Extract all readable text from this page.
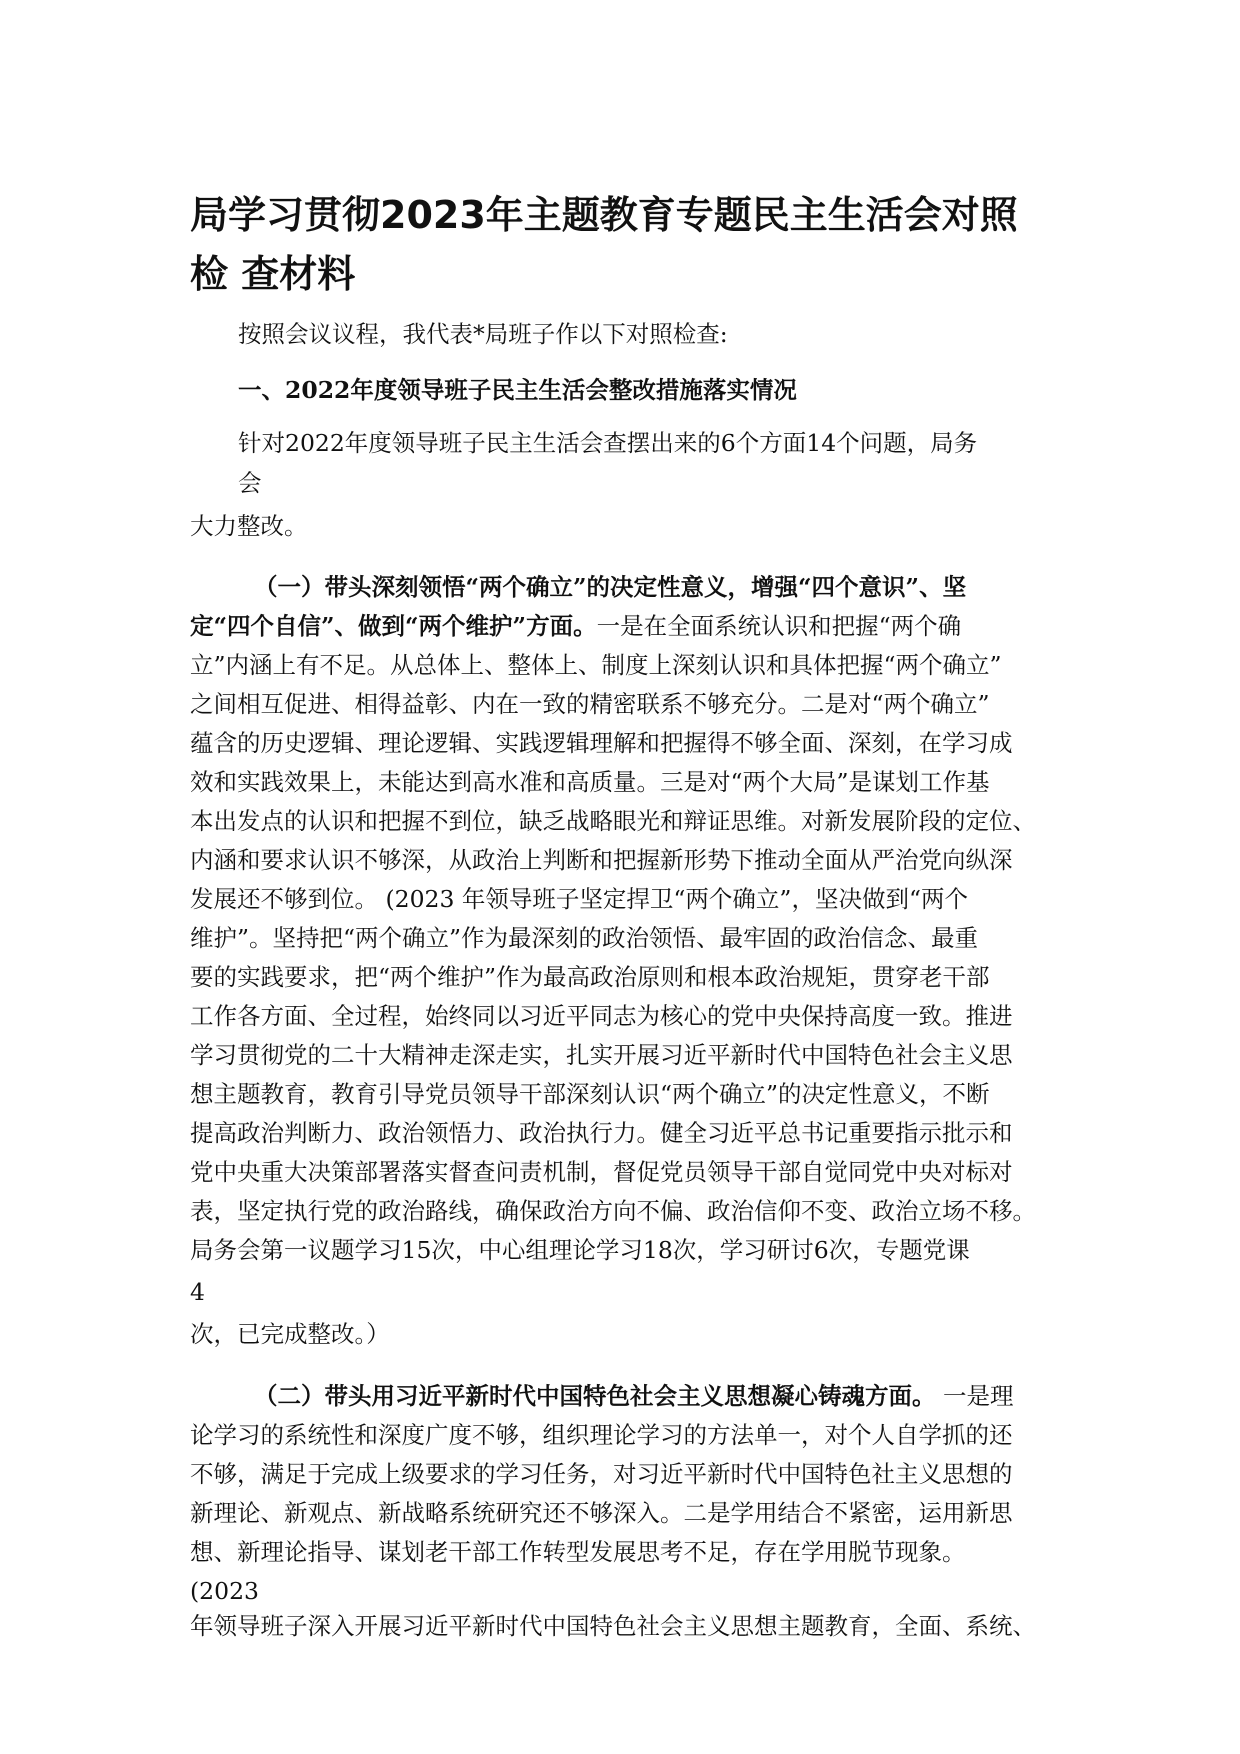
局学习贯彻2023年主题教育专题民主生活会对照
检 查材料

按照会议议程，我代表*局班子作以下对照检查:

一、2022年度领导班子民主生活会整改措施落实情况

针对2022年度领导班子民主生活会查摆出来的6个方面14个问题，局务

会

大力整改。

（一）带头深刻领悟“两个确立”的决定性意义，增强“四个意识”、坚

定“四个自信”、做到“两个维护”方面。一是在全面系统认识和把握“两个确

立”内涵上有不足。从总体上、整体上、制度上深刻认识和具体把握“两个确立”

之间相互促进、相得益彰、内在一致的精密联系不够充分。二是对“两个确立”

蕴含的历史逻辑、理论逻辑、实践逻辑理解和把握得不够全面、深刻，在学习成

效和实践效果上，未能达到高水准和高质量。三是对“两个大局”是谋划工作基

本出发点的认识和把握不到位，缺乏战略眼光和辩证思维。对新发展阶段的定位、

内涵和要求认识不够深，从政治上判断和把握新形势下推动全面从严治党向纵深

发展还不够到位。 (2023 年领导班子坚定捍卫“两个确立”，坚决做到“两个

维护”。坚持把“两个确立”作为最深刻的政治领悟、最牢固的政治信念、最重

要的实践要求，把“两个维护”作为最高政治原则和根本政治规矩，贯穿老干部

工作各方面、全过程，始终同以习近平同志为核心的党中央保持高度一致。推进

学习贯彻党的二十大精神走深走实，扎实开展习近平新时代中国特色社会主义思

想主题教育，教育引导党员领导干部深刻认识“两个确立”的决定性意义，不断

提高政治判断力、政治领悟力、政治执行力。健全习近平总书记重要指示批示和

党中央重大决策部署落实督查问责机制，督促党员领导干部自觉同党中央对标对

表，坚定执行党的政治路线，确保政治方向不偏、政治信仰不变、政治立场不移。

局务会第一议题学习15次，中心组理论学习18次，学习研讨6次，专题党课

4

次，已完成整改。）

（二）带头用习近平新时代中国特色社会主义思想凝心铸魂方面。 一是理

论学习的系统性和深度广度不够，组织理论学习的方法单一，对个人自学抓的还

不够，满足于完成上级要求的学习任务，对习近平新时代中国特色社主义思想的

新理论、新观点、新战略系统研究还不够深入。二是学用结合不紧密，运用新思

想、新理论指导、谋划老干部工作转型发展思考不足，存在学用脱节现象。

(2023

年领导班子深入开展习近平新时代中国特色社会主义思想主题教育，全面、系统、
